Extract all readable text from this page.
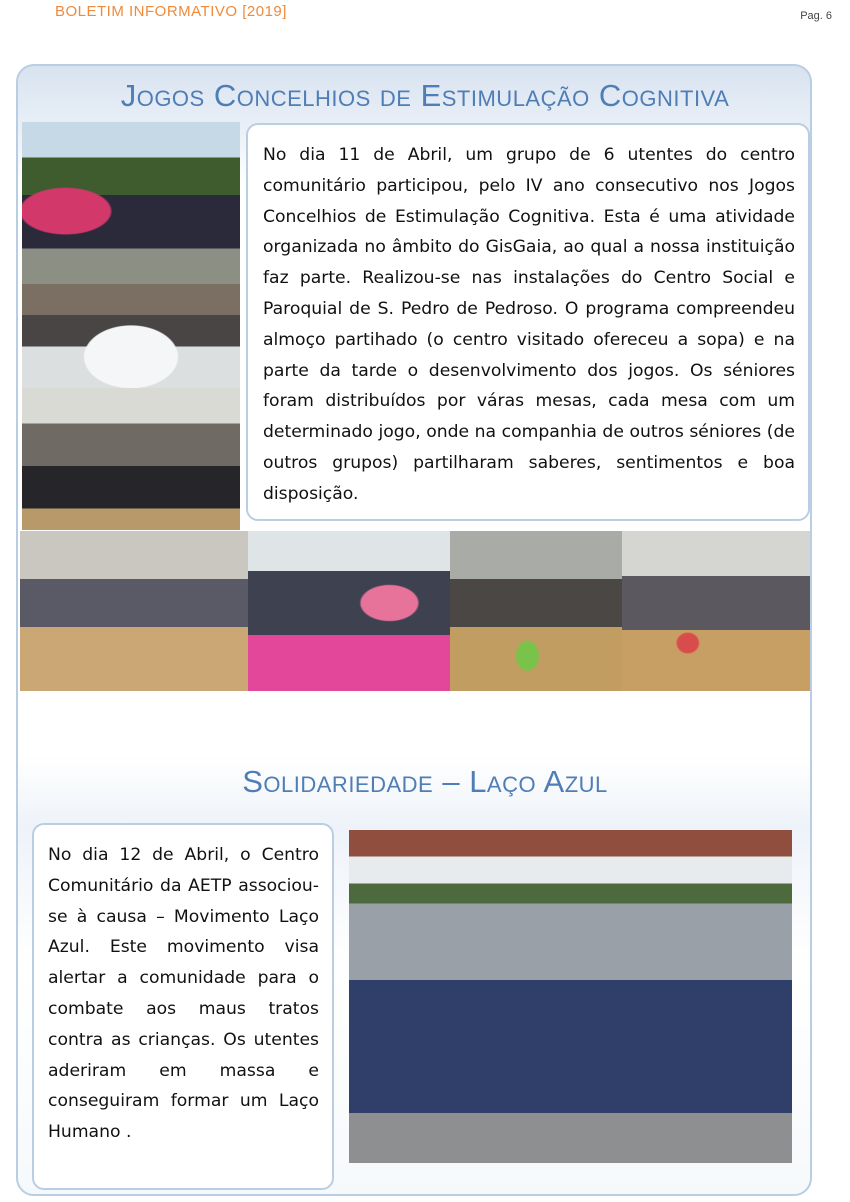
BOLETIM INFORMATIVO [2019]	Pag. 6
Jogos Concelhios de Estimulação Cognitiva
No dia 11 de Abril, um grupo de 6 utentes do centro comunitário participou, pelo IV ano consecutivo nos Jogos Concelhios de Estimulação Cognitiva. Esta é uma atividade organizada no âmbito do GisGaia, ao qual a nossa instituição faz parte. Realizou-se nas instalações do Centro Social e Paroquial de S. Pedro de Pedroso. O programa compreendeu almoço partihado (o centro visitado ofereceu a sopa) e na parte da tarde o desenvolvimento dos jogos. Os séniores foram distribuídos por váras mesas, cada mesa com um determinado jogo, onde na companhia de outros séniores (de outros grupos) partilharam saberes, sentimentos e boa disposição.
Solidariedade – Laço Azul
No dia 12 de Abril, o Centro Comunitário da AETP associou-se à causa – Movimento Laço Azul. Este movimento visa alertar a comunidade para o combate aos maus tratos contra as crianças. Os utentes aderiram em massa e conseguiram formar um Laço Humano .
